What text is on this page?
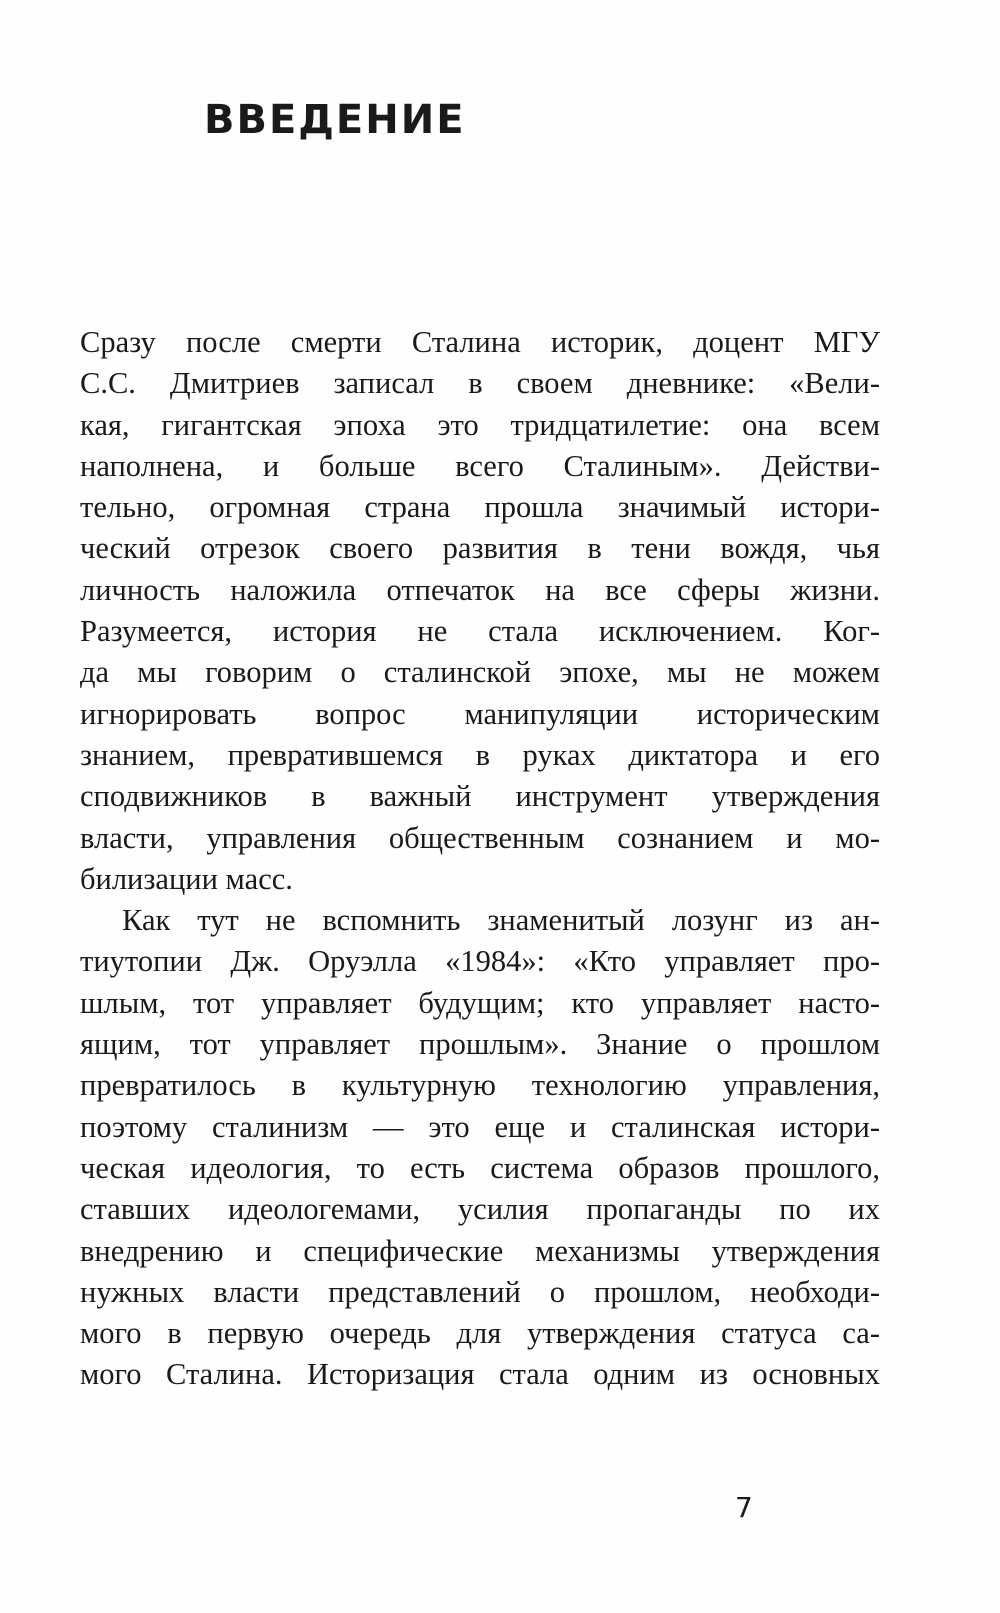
ВВЕДЕНИЕ
Сразу после смерти Сталина историк, доцент МГУ
С.С. Дмитриев записал в своем дневнике: «Вели-
кая, гигантская эпоха это тридцатилетие: она всем
наполнена, и больше всего Сталиным». Действи-
тельно, огромная страна прошла значимый истори-
ческий отрезок своего развития в тени вождя, чья
личность наложила отпечаток на все сферы жизни.
Разумеется, история не стала исключением. Ког-
да мы говорим о сталинской эпохе, мы не можем
игнорировать вопрос манипуляции историческим
знанием, превратившемся в руках диктатора и его
сподвижников в важный инструмент утверждения
власти, управления общественным сознанием и мо-
билизации масс.
Как тут не вспомнить знаменитый лозунг из ан-
тиутопии Дж. Оруэлла «1984»: «Кто управляет про-
шлым, тот управляет будущим; кто управляет насто-
ящим, тот управляет прошлым». Знание о прошлом
превратилось в культурную технологию управления,
поэтому сталинизм — это еще и сталинская истори-
ческая идеология, то есть система образов прошлого,
ставших идеологемами, усилия пропаганды по их
внедрению и специфические механизмы утверждения
нужных власти представлений о прошлом, необходи-
мого в первую очередь для утверждения статуса са-
мого Сталина. Историзация стала одним из основных
7
